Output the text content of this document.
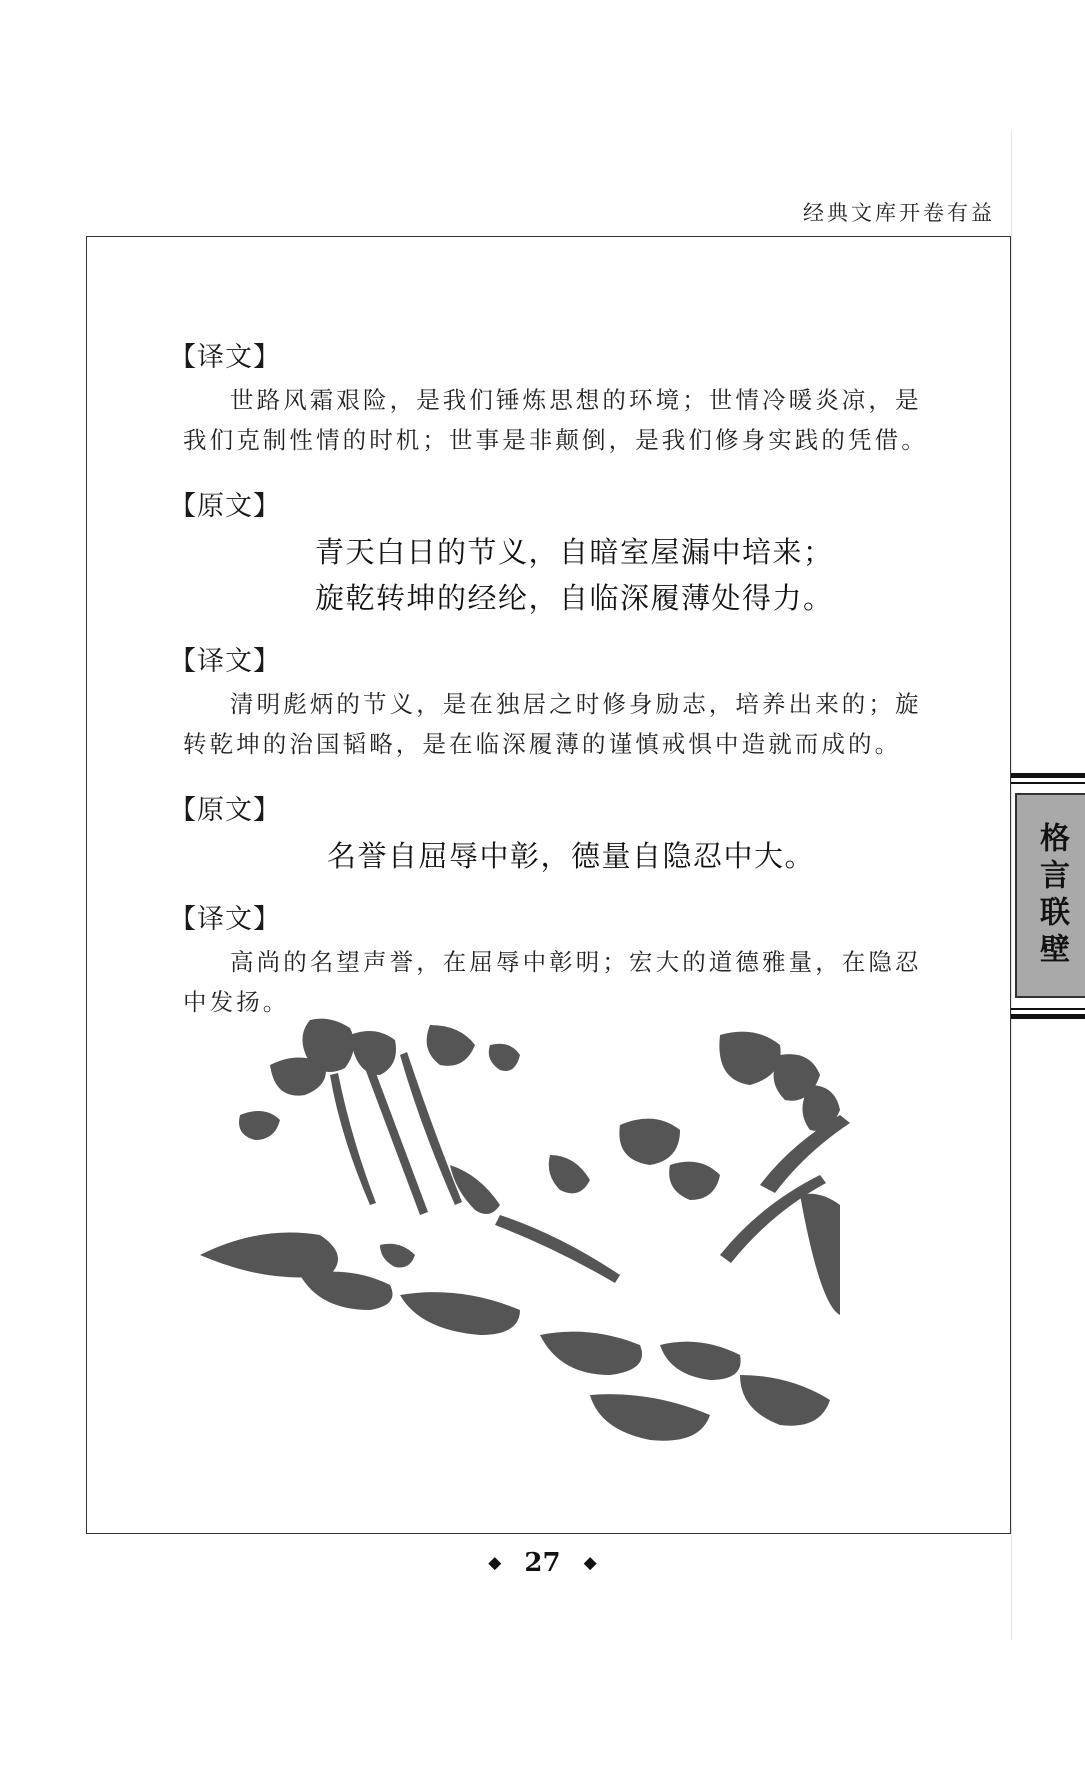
经典文库开卷有益
【译文】

世路风霜艰险，是我们锤炼思想的环境；世情冷暖炎凉，是我们克制性情的时机；世事是非颠倒，是我们修身实践的凭借。

【原文】
青天白日的节义，自暗室屋漏中培来；
旋乾转坤的经纶，自临深履薄处得力。
【译文】

清明彪炳的节义，是在独居之时修身励志，培养出来的；旋转乾坤的治国韬略，是在临深履薄的谨慎戒惧中造就而成的。

【原文】
名誉自屈辱中彰，德量自隐忍中大。
【译文】

高尚的名望声誉，在屈辱中彰明；宏大的道德雅量，在隐忍中发扬。

格言联壁
◆ 27 ◆
